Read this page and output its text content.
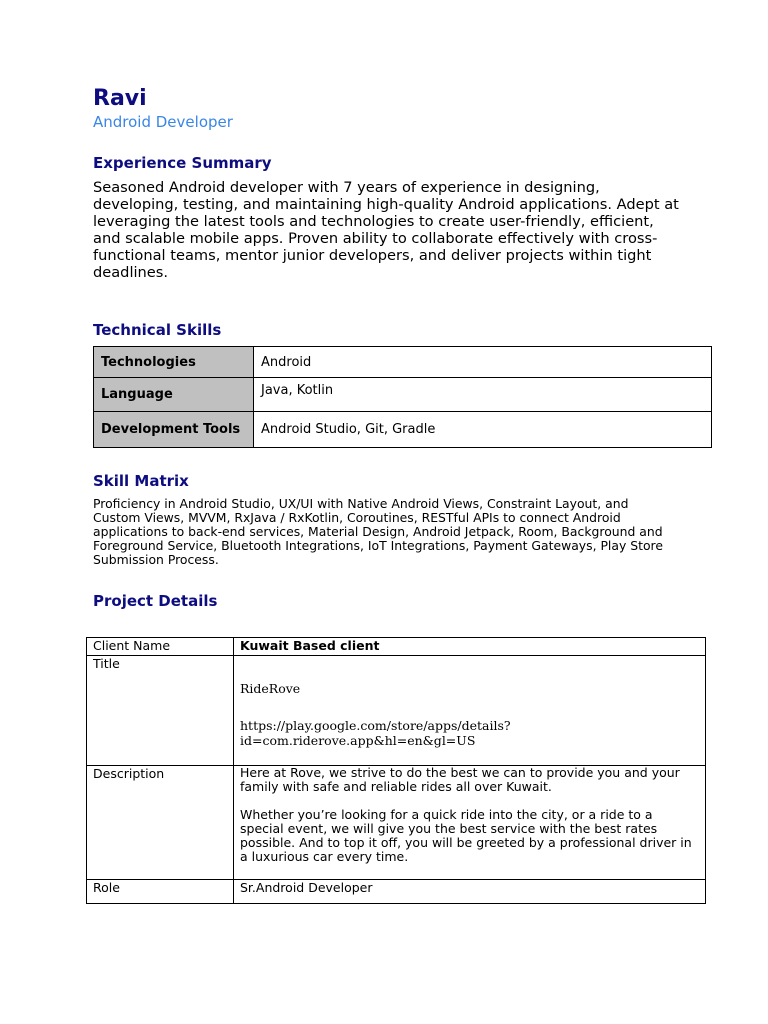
Ravi
Android Developer
Experience Summary
Seasoned Android developer with 7 years of experience in designing, developing, testing, and maintaining high-quality Android applications. Adept at leveraging the latest tools and technologies to create user-friendly, efficient, and scalable mobile apps. Proven ability to collaborate effectively with cross-functional teams, mentor junior developers, and deliver projects within tight deadlines.
Technical Skills
Technologies	Android
Language	Java, Kotlin
Development Tools	Android Studio, Git, Gradle
Skill Matrix
Proficiency in Android Studio, UX/UI with Native Android Views, Constraint Layout, and Custom Views, MVVM, RxJava / RxKotlin, Coroutines, RESTful APIs to connect Android applications to back-end services, Material Design, Android Jetpack, Room, Background and Foreground Service, Bluetooth Integrations, IoT Integrations, Payment Gateways, Play Store Submission Process.
Project Details
Client Name	Kuwait Based client
Title	RideRove
https://play.google.com/store/apps/details?id=com.riderove.app&hl=en&gl=US

Description	Here at Rove, we strive to do the best we can to provide you and your family with safe and reliable rides all over Kuwait.

Whether you’re looking for a quick ride into the city, or a ride to a special event, we will give you the best service with the best rates possible. And to top it off, you will be greeted by a professional driver in a luxurious car every time.

Role	Sr.Android Developer
